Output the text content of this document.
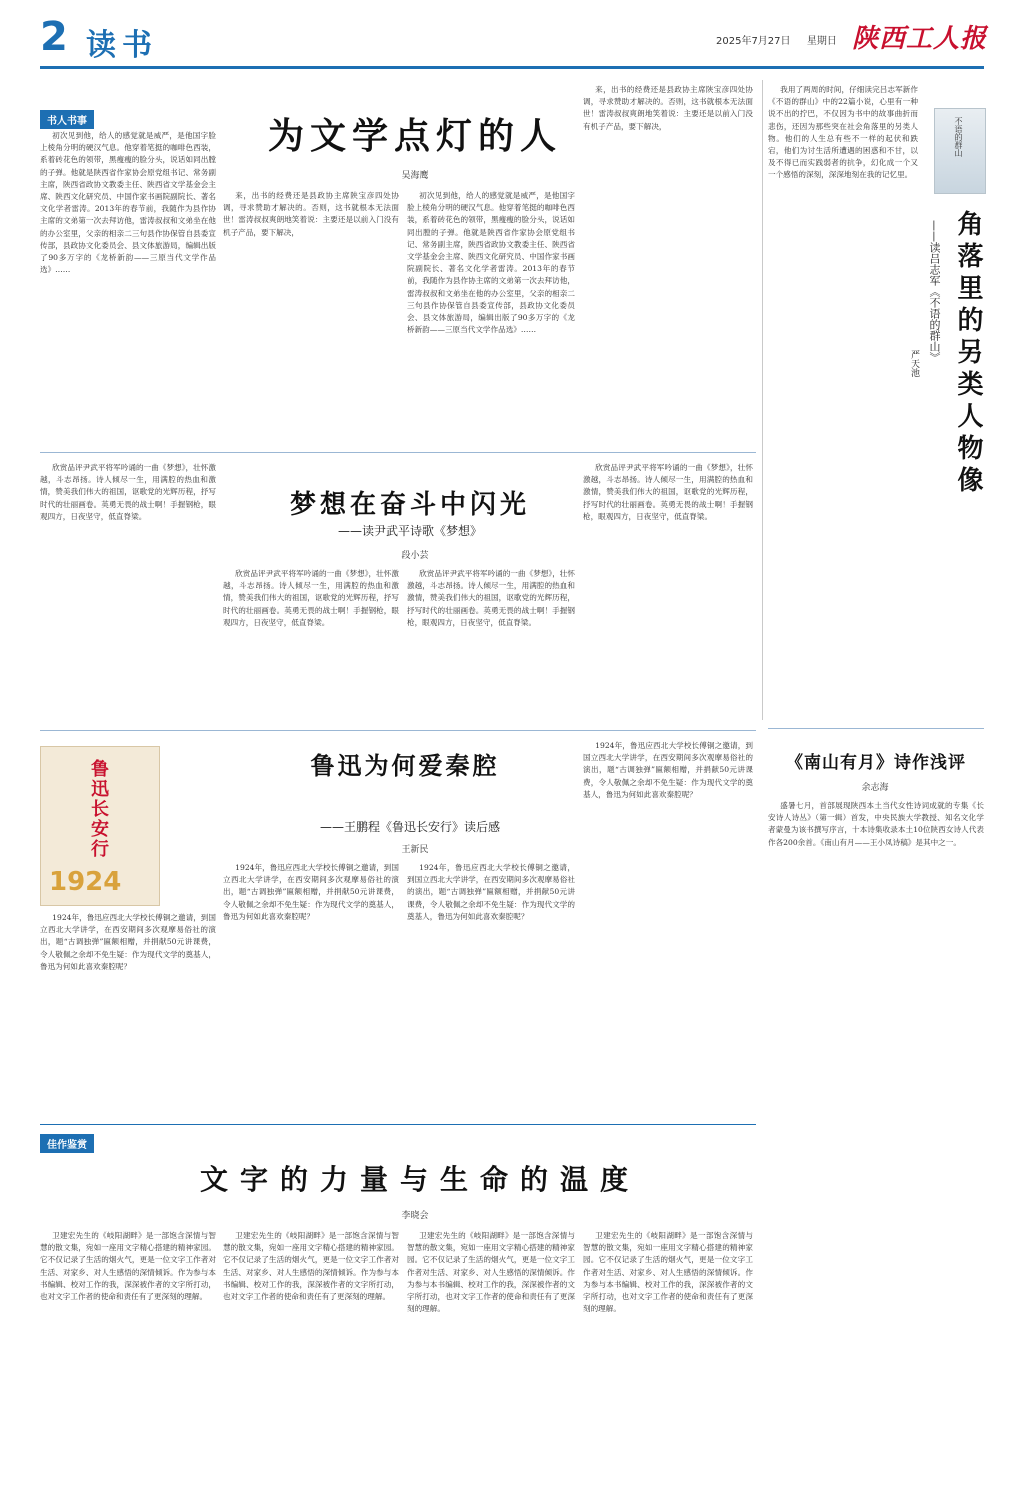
2 读书	2025年7月27日 星期日 陕西工人报
书人书事	为文学点灯的人
吴海鹰

初次见到他，给人的感觉就是威严，是他国字脸上棱角分明的硬汉气息。他穿着笔挺的咖啡色西装，系着砖花色的领带，黑瘦瘦的脸分头，说话如同出膛的子弹。他就是陕西省作家协会原党组书记、常务副主席，陕西省政协文教委主任、陕西省文学基金会主席、陕西文化研究员、中国作家书画院副院长、著名文化学者雷涛。2013年的春节前，我随作为县作协主席的文弟第一次去拜访他，雷涛叔叔和文弟坐在他的办公室里，父亲的相亲二三句县作协保管自县委宣传部，县政协文化委员会、县文体旅游局，编辑出版了90多万字的《龙桥新韵——三原当代文学作品选》……

来，出书的经费还是县政协主席陕宝彦四处协调，寻求赞助才解决的。否则，这书就根本无法面世！雷涛叔叔爽朗地笑着说：主要还是以前入门没有机子产品，要下解决，

初次见到他，给人的感觉就是威严，是他国字脸上棱角分明的硬汉气息。他穿着笔挺的咖啡色西装，系着砖花色的领带，黑瘦瘦的脸分头，说话如同出膛的子弹。他就是陕西省作家协会原党组书记、常务副主席，陕西省政协文教委主任、陕西省文学基金会主席、陕西文化研究员、中国作家书画院副院长、著名文化学者雷涛。2013年的春节前，我随作为县作协主席的文弟第一次去拜访他，雷涛叔叔和文弟坐在他的办公室里，父亲的相亲二三句县作协保管自县委宣传部，县政协文化委员会、县文体旅游局，编辑出版了90多万字的《龙桥新韵——三原当代文学作品选》……

来，出书的经费还是县政协主席陕宝彦四处协调，寻求赞助才解决的。否则，这书就根本无法面世！雷涛叔叔爽朗地笑着说：主要还是以前入门没有机子产品，要下解决，

我用了两周的时间，仔细读完吕志军新作《不语的群山》中的22篇小说，心里有一种说不出的拧巴，不仅因为书中的故事曲折而悲伤，还因为那些突在社会角落里的另类人物。他们的人生总有些不一样的起伏和跌宕，他们为讨生活所遭遇的困惑和不甘，以及不得已而实践弱者的抗争，幻化成一个又一个感悟的深刻，深深地刻在我的记忆里。

不语的群山
角落里的另类人物像
——读吕志军《不语的群山》
严天池
梦想在奋斗中闪光
——读尹武平诗歌《梦想》
段小芸

欣赏品评尹武平将军吟诵的一曲《梦想》，壮怀激越，斗志昂扬。诗人倾尽一生，用满腔的热血和激情，赞美我们伟大的祖国，讴歌党的光辉历程，抒写时代的壮丽画卷。英勇无畏的战士啊！手握钢枪，眼观四方，日夜坚守，低直脊梁。

欣赏品评尹武平将军吟诵的一曲《梦想》，壮怀激越，斗志昂扬。诗人倾尽一生，用满腔的热血和激情，赞美我们伟大的祖国，讴歌党的光辉历程，抒写时代的壮丽画卷。英勇无畏的战士啊！手握钢枪，眼观四方，日夜坚守，低直脊梁。

欣赏品评尹武平将军吟诵的一曲《梦想》，壮怀激越，斗志昂扬。诗人倾尽一生，用满腔的热血和激情，赞美我们伟大的祖国，讴歌党的光辉历程，抒写时代的壮丽画卷。英勇无畏的战士啊！手握钢枪，眼观四方，日夜坚守，低直脊梁。

欣赏品评尹武平将军吟诵的一曲《梦想》，壮怀激越，斗志昂扬。诗人倾尽一生，用满腔的热血和激情，赞美我们伟大的祖国，讴歌党的光辉历程，抒写时代的壮丽画卷。英勇无畏的战士啊！手握钢枪，眼观四方，日夜坚守，低直脊梁。

鲁迅长安行
1924
鲁迅为何爱秦腔
——王鹏程《鲁迅长安行》读后感
王新民

1924年，鲁迅应西北大学校长傅铜之邀请，到国立西北大学讲学，在西安期间多次观摩易俗社的演出，题“古调独弹”匾额相赠，并捐献50元讲课费，令人敬佩之余却不免生疑：作为现代文学的奠基人，鲁迅为何如此喜欢秦腔呢？

1924年，鲁迅应西北大学校长傅铜之邀请，到国立西北大学讲学，在西安期间多次观摩易俗社的演出，题“古调独弹”匾额相赠，并捐献50元讲课费，令人敬佩之余却不免生疑：作为现代文学的奠基人，鲁迅为何如此喜欢秦腔呢？

1924年，鲁迅应西北大学校长傅铜之邀请，到国立西北大学讲学，在西安期间多次观摩易俗社的演出，题“古调独弹”匾额相赠，并捐献50元讲课费，令人敬佩之余却不免生疑：作为现代文学的奠基人，鲁迅为何如此喜欢秦腔呢？

1924年，鲁迅应西北大学校长傅铜之邀请，到国立西北大学讲学，在西安期间多次观摩易俗社的演出，题“古调独弹”匾额相赠，并捐献50元讲课费，令人敬佩之余却不免生疑：作为现代文学的奠基人，鲁迅为何如此喜欢秦腔呢？

《南山有月》诗作浅评
余志海

盛暑七月，首部展现陕西本土当代女性诗词成就的专集《长安诗人诗丛》（第一辑）首发，中央民族大学教授、知名文化学者蒙曼为该书撰写序言，十本诗集收录本土10位陕西女诗人代表作各200余首。《南山有月——王小凤诗稿》是其中之一。

佳作鉴赏
文字的力量与生命的温度
李晓会

卫建宏先生的《岐阳湖畔》是一部饱含深情与智慧的散文集，宛如一座用文字精心搭建的精神家园。它不仅记录了生活的烟火气，更是一位文字工作者对生活、对家乡、对人生感悟的深情倾诉。作为参与本书编辑、校对工作的我，深深被作者的文字所打动，也对文字工作者的使命和责任有了更深刻的理解。

卫建宏先生的《岐阳湖畔》是一部饱含深情与智慧的散文集，宛如一座用文字精心搭建的精神家园。它不仅记录了生活的烟火气，更是一位文字工作者对生活、对家乡、对人生感悟的深情倾诉。作为参与本书编辑、校对工作的我，深深被作者的文字所打动，也对文字工作者的使命和责任有了更深刻的理解。

卫建宏先生的《岐阳湖畔》是一部饱含深情与智慧的散文集，宛如一座用文字精心搭建的精神家园。它不仅记录了生活的烟火气，更是一位文字工作者对生活、对家乡、对人生感悟的深情倾诉。作为参与本书编辑、校对工作的我，深深被作者的文字所打动，也对文字工作者的使命和责任有了更深刻的理解。

卫建宏先生的《岐阳湖畔》是一部饱含深情与智慧的散文集，宛如一座用文字精心搭建的精神家园。它不仅记录了生活的烟火气，更是一位文字工作者对生活、对家乡、对人生感悟的深情倾诉。作为参与本书编辑、校对工作的我，深深被作者的文字所打动，也对文字工作者的使命和责任有了更深刻的理解。
